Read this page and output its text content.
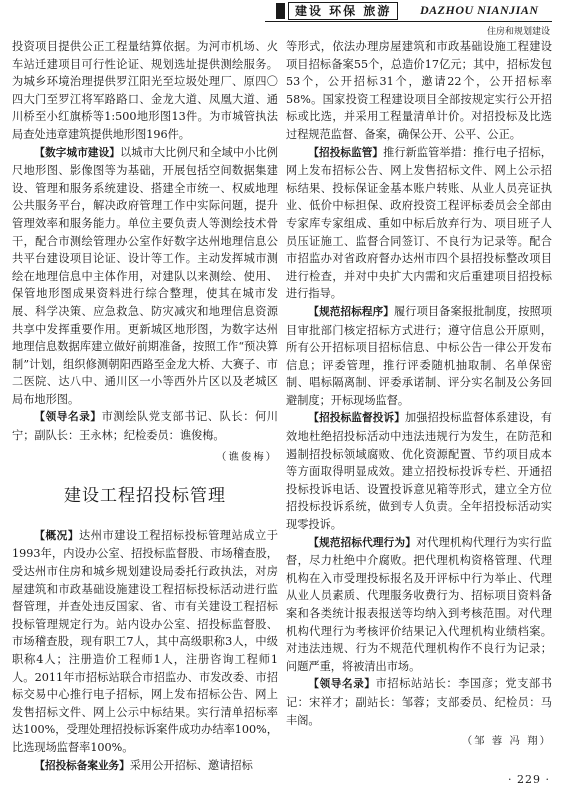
建设 环保 旅游	DAZHOU NIANJIAN
住房和规划建设

投资项目提供公正工程量结算依据。为河市机场、火车站迁建项目可行性论证、规划选址提供测绘服务。为城乡环境治理提供罗江阳光至垃圾处理厂、原四〇四大门至罗江将军路路口、金龙大道、凤凰大道、通川桥至小红旗桥等1:500地形图13件。为市城管执法局查处违章建筑提供地形图196件。

【数字城市建设】以城市大比例尺和全域中小比例尺地形图、影像图等为基础，开展包括空间数据集建设、管理和服务系统建设、搭建全市统一、权威地理公共服务平台，解决政府管理工作中实际问题，提升管理效率和服务能力。单位主要负责人等测绘技术骨干，配合市测绘管理办公室作好数字达州地理信息公共平台建设项目论证、设计等工作。主动发挥城市测绘在地理信息中主体作用，对建队以来测绘、使用、保管地形图成果资料进行综合整理，使其在城市发展、科学决策、应急救急、防灾减灾和地理信息资源共享中发挥重要作用。更新城区地形图，为数字达州地理信息数据库建立做好前期准备，按照工作“预决算制”计划，组织修测朝阳西路至金龙大桥、大赛子、市二医院、达八中、通川区一小等西外片区以及老城区局布地形图。

【领导名录】市测绘队党支部书记、队长：何川宁；副队长：王永林；纪检委员：谯俊梅。

（谯俊梅）
建设工程招投标管理

【概况】达州市建设工程招标投标管理站成立于1993年，内设办公室、招投标监督股、市场稽查股，受达州市住房和城乡规划建设局委托行政执法，对房屋建筑和市政基础设施建设工程招标投标活动进行监督管理，并查处违反国家、省、市有关建设工程招标投标管理规定行为。站内设办公室、招投标监督股、市场稽查股，现有职工7人，其中高级职称3人，中级职称4人；注册造价工程师1人，注册咨询工程师1人。2011年市招标站联合市招监办、市发改委、市招标交易中心推行电子招标，网上发布招标公告、网上发售招标文件、网上公示中标结果。实行清单招标率达100%，受理处理招投标诉案件成功办结率100%，比选现场监督率100%。

【招投标备案业务】采用公开招标、邀请招标

等形式，依法办理房屋建筑和市政基础设施工程建设项目招标备案55个，总造价17亿元；其中，招标发包53个，公开招标31个，邀请22个，公开招标率58%。国家投资工程建设项目全部按规定实行公开招标或比选，并采用工程量清单计价。对招投标及比选过程规范监督、备案，确保公开、公平、公正。

【招投标监管】推行新监管举措：推行电子招标，网上发布招标公告、网上发售招标文件、网上公示招标结果、投标保证金基本账户转账、从业人员亮证执业、低价中标担保、政府投资工程评标委员会全部由专家库专家组成、重如中标后放弃行为、项目班子人员压证施工、监督合同签订、不良行为记录等。配合市招监办对省政府督办达州市四个县招投标整改项目进行检查，并对中央扩大内需和灾后重建项目招投标进行指导。

【规范招标程序】履行项目备案报批制度，按照项目审批部门核定招标方式进行；遵守信息公开原则，所有公开招标项目招标信息、中标公告一律公开发布信息；评委管理，推行评委随机抽取制、名单保密制、唱标隔离制、评委承诺制、评分实名制及公务回避制度；开标现场监督。

【招投标监督投诉】加强招投标监督体系建设，有效地杜绝招投标活动中违法违规行为发生，在防范和遏制招投标领域腐败、优化资源配置、节约项目成本等方面取得明显成效。建立招投标投诉专栏、开通招投标投诉电话、设置投诉意见箱等形式，建立全方位招投标投诉系统，做到专人负责。全年招投标活动实现零投诉。

【规范招标代理行为】对代理机构代理行为实行监督，尽力杜绝中介腐败。把代理机构资格管理、代理机构在入市受理投标报名及开评标中行为举止、代理从业人员素质、代理服务收费行为、招标项目资料备案和各类统计报表报送等均纳入到考核范围。对代理机构代理行为考核评价结果记入代理机构业绩档案。对违法违规、行为不规范代理机构作不良行为记录；问题严重，将被清出市场。

【领导名录】市招标站站长：李国彦；党支部书记：宋祥才；副站长：邹蓉；支部委员、纪检员：马丰阁。

（邹 蓉 冯 翔）
· 229 ·
